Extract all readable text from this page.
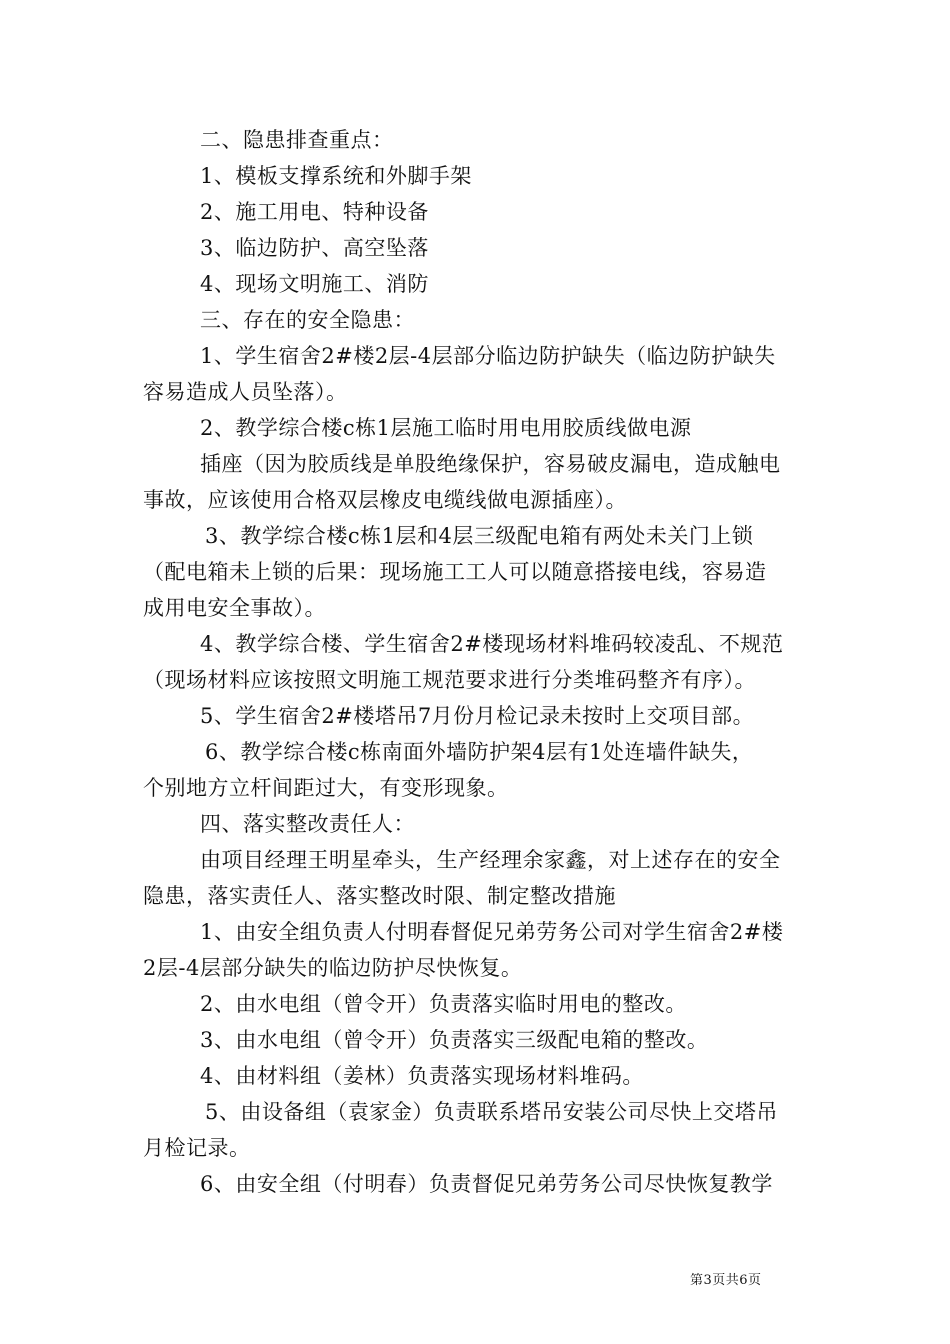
二、隐患排查重点：
1、模板支撑系统和外脚手架
2、施工用电、特种设备
3、临边防护、高空坠落
4、现场文明施工、消防
三、存在的安全隐患：
1、学生宿舍2#楼2层-4层部分临边防护缺失（临边防护缺失
容易造成人员坠落）。
2、教学综合楼c栋1层施工临时用电用胶质线做电源
插座（因为胶质线是单股绝缘保护，容易破皮漏电，造成触电
事故，应该使用合格双层橡皮电缆线做电源插座）。
3、教学综合楼c栋1层和4层三级配电箱有两处未关门上锁
（配电箱未上锁的后果：现场施工工人可以随意搭接电线，容易造
成用电安全事故）。
4、教学综合楼、学生宿舍2#楼现场材料堆码较凌乱、不规范
（现场材料应该按照文明施工规范要求进行分类堆码整齐有序）。
5、学生宿舍2#楼塔吊7月份月检记录未按时上交项目部。
6、教学综合楼c栋南面外墙防护架4层有1处连墙件缺失，
个别地方立杆间距过大，有变形现象。
四、落实整改责任人：
由项目经理王明星牵头，生产经理余家鑫，对上述存在的安全
隐患，落实责任人、落实整改时限、制定整改措施
1、由安全组负责人付明春督促兄弟劳务公司对学生宿舍2#楼
2层-4层部分缺失的临边防护尽快恢复。
2、由水电组（曾令开）负责落实临时用电的整改。
3、由水电组（曾令开）负责落实三级配电箱的整改。
4、由材料组（姜林）负责落实现场材料堆码。
5、由设备组（袁家金）负责联系塔吊安装公司尽快上交塔吊
月检记录。
6、由安全组（付明春）负责督促兄弟劳务公司尽快恢复教学
第3页共6页
